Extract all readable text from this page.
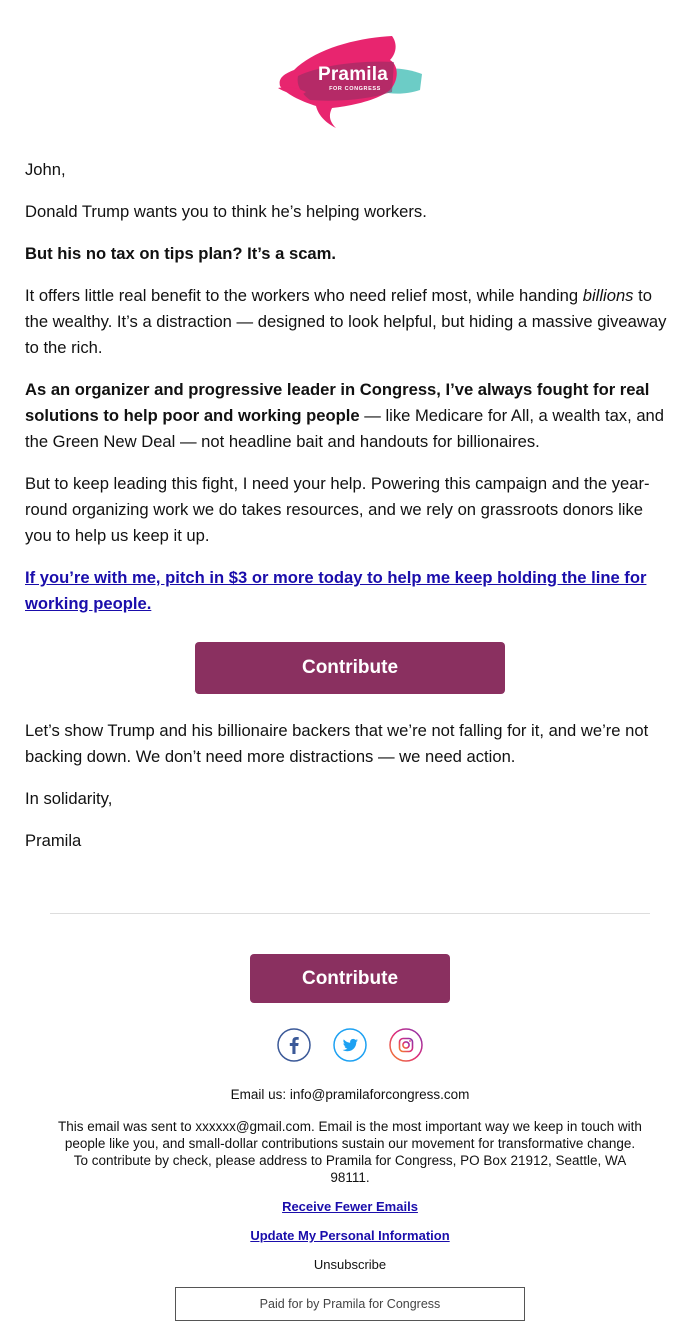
Pramila
FOR CONGRESS

John,

Donald Trump wants you to think he’s helping workers.

But his no tax on tips plan? It’s a scam.

It offers little real benefit to the workers who need relief most, while handing billions to the wealthy. It’s a distraction — designed to look helpful, but hiding a massive giveaway to the rich.

As an organizer and progressive leader in Congress, I’ve always fought for real solutions to help poor and working people — like Medicare for All, a wealth tax, and the Green New Deal — not headline bait and handouts for billionaires.

But to keep leading this fight, I need your help. Powering this campaign and the year-round organizing work we do takes resources, and we rely on grassroots donors like you to help us keep it up.

If you’re with me, pitch in $3 or more today to help me keep holding the line for working people.

Contribute

Let’s show Trump and his billionaire backers that we’re not falling for it, and we’re not backing down. We don’t need more distractions — we need action.

In solidarity,

Pramila

Contribute
Email us: info@pramilaforcongress.com
This email was sent to xxxxxx@gmail.com. Email is the most important way we keep in touch with people like you, and small-dollar contributions sustain our movement for transformative change. To contribute by check, please address to Pramila for Congress, PO Box 21912, Seattle, WA 98111.
Receive Fewer Emails
Update My Personal Information
Unsubscribe
Paid for by Pramila for Congress
